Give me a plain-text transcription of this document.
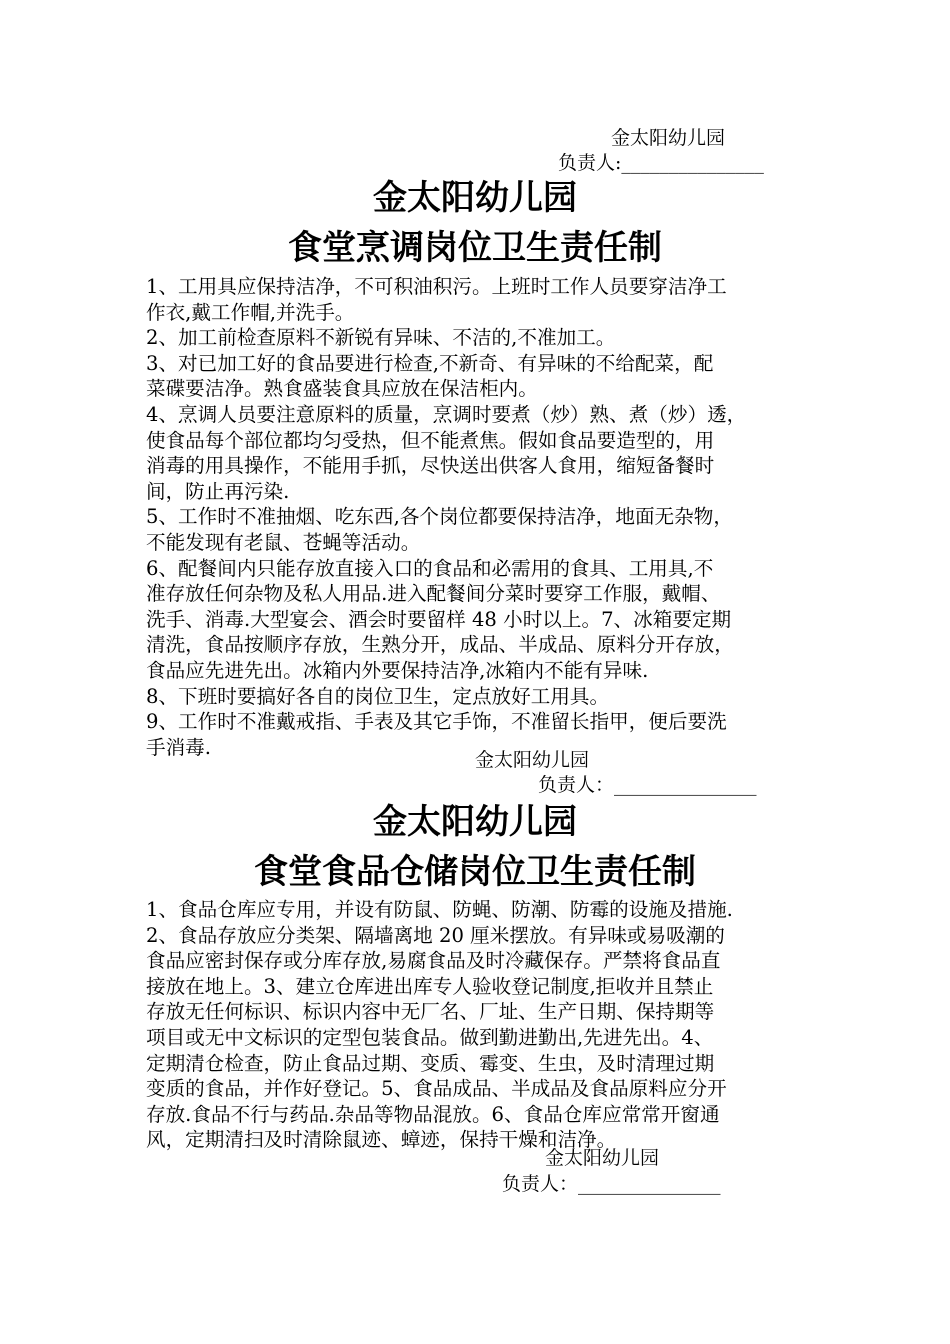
金太阳幼儿园
负责人:_______________
金太阳幼儿园
食堂烹调岗位卫生责任制

1、工用具应保持洁净，不可积油积污。上班时工作人员要穿洁净工
作衣,戴工作帽,并洗手。

2、加工前检查原料不新锐有异味、不洁的,不准加工。

3、对已加工好的食品要进行检查,不新奇、有异味的不给配菜，配
菜碟要洁净。熟食盛装食具应放在保洁柜内。

4、烹调人员要注意原料的质量，烹调时要煮（炒）熟、煮（炒）透，
使食品每个部位都均匀受热，但不能煮焦。假如食品要造型的，用
消毒的用具操作，不能用手抓，尽快送出供客人食用，缩短备餐时
间，防止再污染.

5、工作时不准抽烟、吃东西,各个岗位都要保持洁净，地面无杂物，
不能发现有老鼠、苍蝇等活动。

6、配餐间内只能存放直接入口的食品和必需用的食具、工用具,不
准存放任何杂物及私人用品.进入配餐间分菜时要穿工作服，戴帽、
洗手、消毒.大型宴会、酒会时要留样 48 小时以上。7、冰箱要定期
清洗，食品按顺序存放，生熟分开，成品、半成品、原料分开存放，
食品应先进先出。冰箱内外要保持洁净,冰箱内不能有异味.

8、下班时要搞好各自的岗位卫生，定点放好工用具。

9、工作时不准戴戒指、手表及其它手饰，不准留长指甲，便后要洗
手消毒.

金太阳幼儿园
负责人：_______________
金太阳幼儿园
食堂食品仓储岗位卫生责任制

1、食品仓库应专用，并设有防鼠、防蝇、防潮、防霉的设施及措施.
2、食品存放应分类架、隔墙离地 20 厘米摆放。有异味或易吸潮的
食品应密封保存或分库存放,易腐食品及时冷藏保存。严禁将食品直
接放在地上。3、建立仓库进出库专人验收登记制度,拒收并且禁止
存放无任何标识、标识内容中无厂名、厂址、生产日期、保持期等
项目或无中文标识的定型包装食品。做到勤进勤出,先进先出。4、
定期清仓检查，防止食品过期、变质、霉变、生虫，及时清理过期
变质的食品，并作好登记。5、食品成品、半成品及食品原料应分开
存放.食品不行与药品.杂品等物品混放。6、食品仓库应常常开窗通
风，定期清扫及时清除鼠迹、蟑迹，保持干燥和洁净。

金太阳幼儿园
负责人：_______________
